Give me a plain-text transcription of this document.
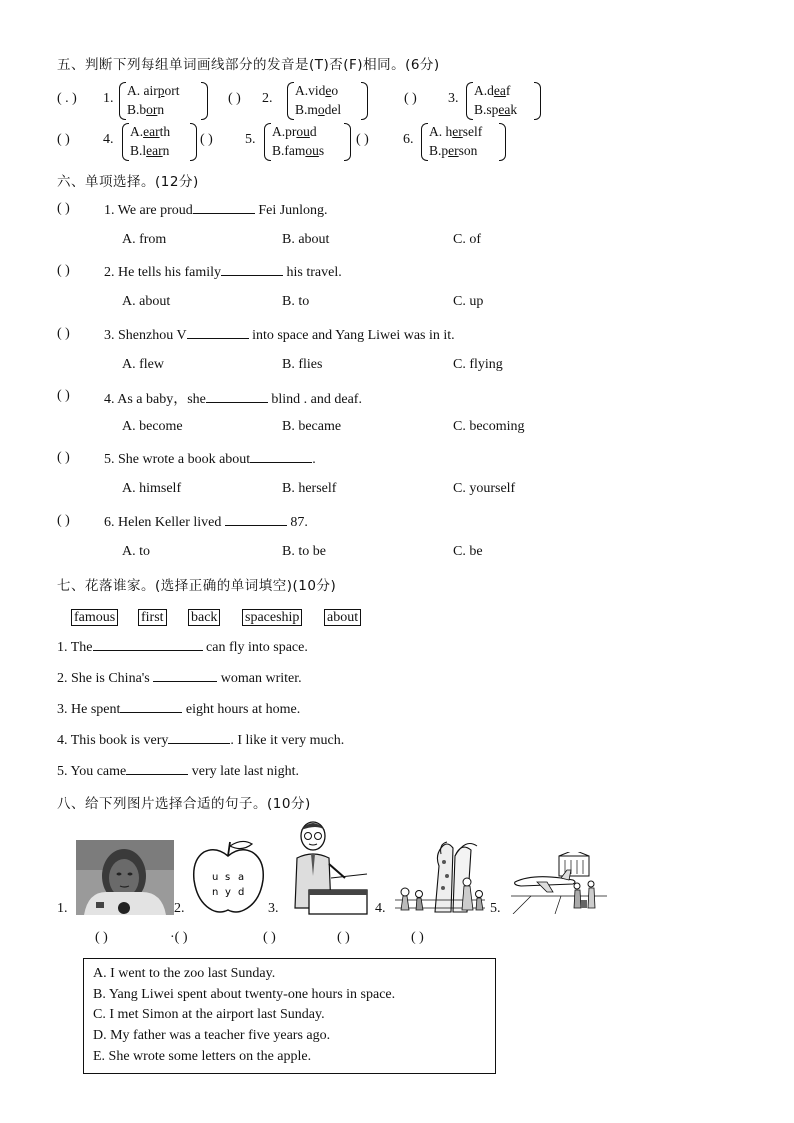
五、判断下列每组单词画线部分的发音是(T)否(F)相同。(6分)
( . ) 1.
A. airport
B.born
( ) 2.
A.video
B.model
( ) 3.
A.deaf
B.speak
( ) 4.
A.earth
B.learn
( ) 5.
A.proud
B.famous
( ) 6.
A. herself
B.person
六、单项选择。(12分)
( ) 1. We are proud	Fei Junlong.
A. from	B. about	C. of
( ) 2. He tells his family	his travel.
A. about	B. to	C. up
( ) 3. Shenzhou V	into space and Yang Liwei was in it.
A. flew	B. flies	C. flying
( ) 4. As a baby，she	blind . and deaf.
A. become	B. became	C. becoming
( ) 5. She wrote a book about	.
A. himself	B. herself	C. yourself
( ) 6. Helen Keller lived	87.
A. to	B. to be	C. be
七、花落谁家。(选择正确的单词填空)(10分)
famous first back spaceship about
1. The	can fly into space.
2. She is China's	woman writer.
3. He spent	eight hours at home.
4. This book is very	. I like it very much.
5. You came	very late last night.
八、给下列图片选择合适的句子。(10分)
1.	2.	3.	4.	5.
u s a
n y d
( )	·( )	( )	( )	( )
A. I went to the zoo last Sunday.
B. Yang Liwei spent about twenty-one hours in space.
C. I met Simon at the airport last Sunday.
D. My father was a teacher five years ago.
E. She wrote some letters on the apple.
